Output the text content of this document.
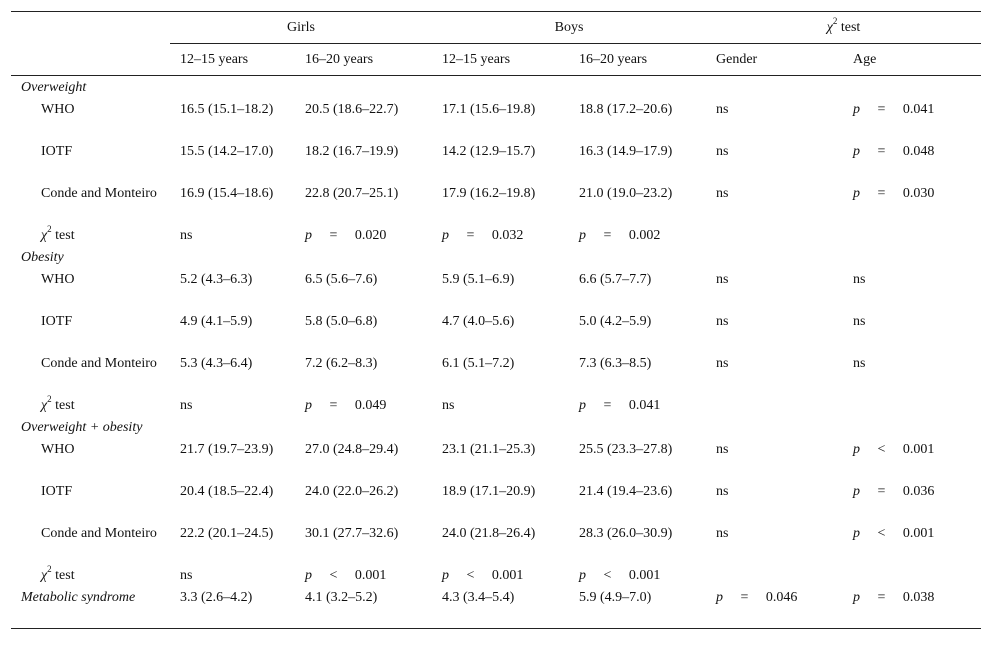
	Girls		Boys		$\chi^2$ test	
	12–15 years	16–20 years	12–15 years	16–20 years	Gender	Age
Overweight						
WHO	16.5 (15.1–18.2)	20.5 (18.6–22.7)	17.1 (15.6–19.8)	18.8 (17.2–20.6)	ns	p     =     0.041
IOTF	15.5 (14.2–17.0)	18.2 (16.7–19.9)	14.2 (12.9–15.7)	16.3 (14.9–17.9)	ns	p     =     0.048
Conde and Monteiro	16.9 (15.4–18.6)	22.8 (20.7–25.1)	17.9 (16.2–19.8)	21.0 (19.0–23.2)	ns	p     =     0.030
$\chi^2$ test	ns	p     =     0.020	p     =     0.032	p     =     0.002		
Obesity						
WHO	5.2 (4.3–6.3)	6.5 (5.6–7.6)	5.9 (5.1–6.9)	6.6 (5.7–7.7)	ns	ns
IOTF	4.9 (4.1–5.9)	5.8 (5.0–6.8)	4.7 (4.0–5.6)	5.0 (4.2–5.9)	ns	ns
Conde and Monteiro	5.3 (4.3–6.4)	7.2 (6.2–8.3)	6.1 (5.1–7.2)	7.3 (6.3–8.5)	ns	ns
$\chi^2$ test	ns	p     =     0.049	ns	p     =     0.041		
Overweight + obesity						
WHO	21.7 (19.7–23.9)	27.0 (24.8–29.4)	23.1 (21.1–25.3)	25.5 (23.3–27.8)	ns	p     <     0.001
IOTF	20.4 (18.5–22.4)	24.0 (22.0–26.2)	18.9 (17.1–20.9)	21.4 (19.4–23.6)	ns	p     =     0.036
Conde and Monteiro	22.2 (20.1–24.5)	30.1 (27.7–32.6)	24.0 (21.8–26.4)	28.3 (26.0–30.9)	ns	p     <     0.001
$\chi^2$ test	ns	p     <     0.001	p     <     0.001	p     <     0.001		
Metabolic syndrome	3.3 (2.6–4.2)	4.1 (3.2–5.2)	4.3 (3.4–5.4)	5.9 (4.9–7.0)	p     =     0.046	p     =     0.038
